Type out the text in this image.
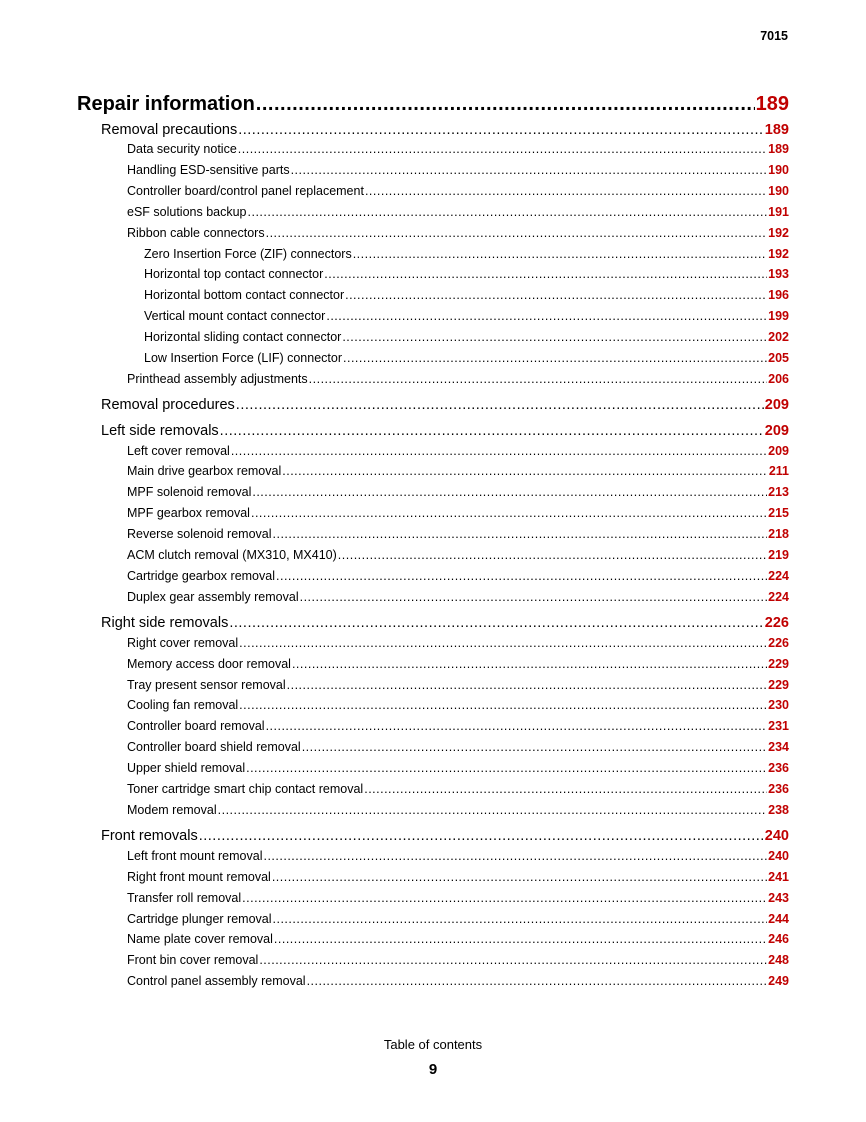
7015
Repair information .....	189
Removal precautions .....	189
Data security notice .....	189
Handling ESD-sensitive parts .....	190
Controller board/control panel replacement .....	190
eSF solutions backup .....	191
Ribbon cable connectors .....	192
Zero Insertion Force (ZIF) connectors .....	192
Horizontal top contact connector .....	193
Horizontal bottom contact connector .....	196
Vertical mount contact connector .....	199
Horizontal sliding contact connector .....	202
Low Insertion Force (LIF) connector .....	205
Printhead assembly adjustments .....	206
Removal procedures .....	209
Left side removals .....	209
Left cover removal .....	209
Main drive gearbox removal .....	211
MPF solenoid removal .....	213
MPF gearbox removal .....	215
Reverse solenoid removal .....	218
ACM clutch removal (MX310, MX410) .....	219
Cartridge gearbox removal .....	224
Duplex gear assembly removal .....	224
Right side removals .....	226
Right cover removal .....	226
Memory access door removal .....	229
Tray present sensor removal .....	229
Cooling fan removal .....	230
Controller board removal .....	231
Controller board shield removal .....	234
Upper shield removal .....	236
Toner cartridge smart chip contact removal .....	236
Modem removal .....	238
Front removals .....	240
Left front mount removal .....	240
Right front mount removal .....	241
Transfer roll removal .....	243
Cartridge plunger removal .....	244
Name plate cover removal .....	246
Front bin cover removal .....	248
Control panel assembly removal .....	249
Table of contents
9
